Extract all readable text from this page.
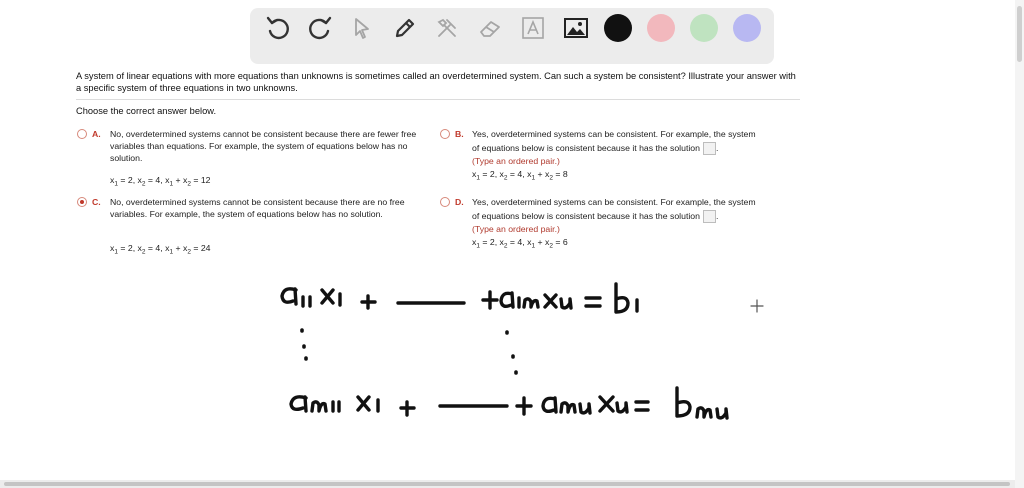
A system of linear equations with more equations than unknowns is sometimes called an overdetermined system. Can such a system be consistent? Illustrate your answer with a specific system of three equations in two unknowns.
Choose the correct answer below.
A. No, overdetermined systems cannot be consistent because there are fewer free variables than equations. For example, the system of equations below has no solution.
$x_1 = 2$, $x_2 = 4$, $x_1 + x_2 = 12$
C. No, overdetermined systems cannot be consistent because there are no free variables. For example, the system of equations below has no solution.
$x_1 = 2$, $x_2 = 4$, $x_1 + x_2 = 24$
B. Yes, overdetermined systems can be consistent. For example, the system
of equations below is consistent because it has the solution .
(Type an ordered pair.)
$x_1 = 2$, $x_2 = 4$, $x_1 + x_2 = 8$
D. Yes, overdetermined systems can be consistent. For example, the system
of equations below is consistent because it has the solution .
(Type an ordered pair.)
$x_1 = 2$, $x_2 = 4$, $x_1 + x_2 = 6$
